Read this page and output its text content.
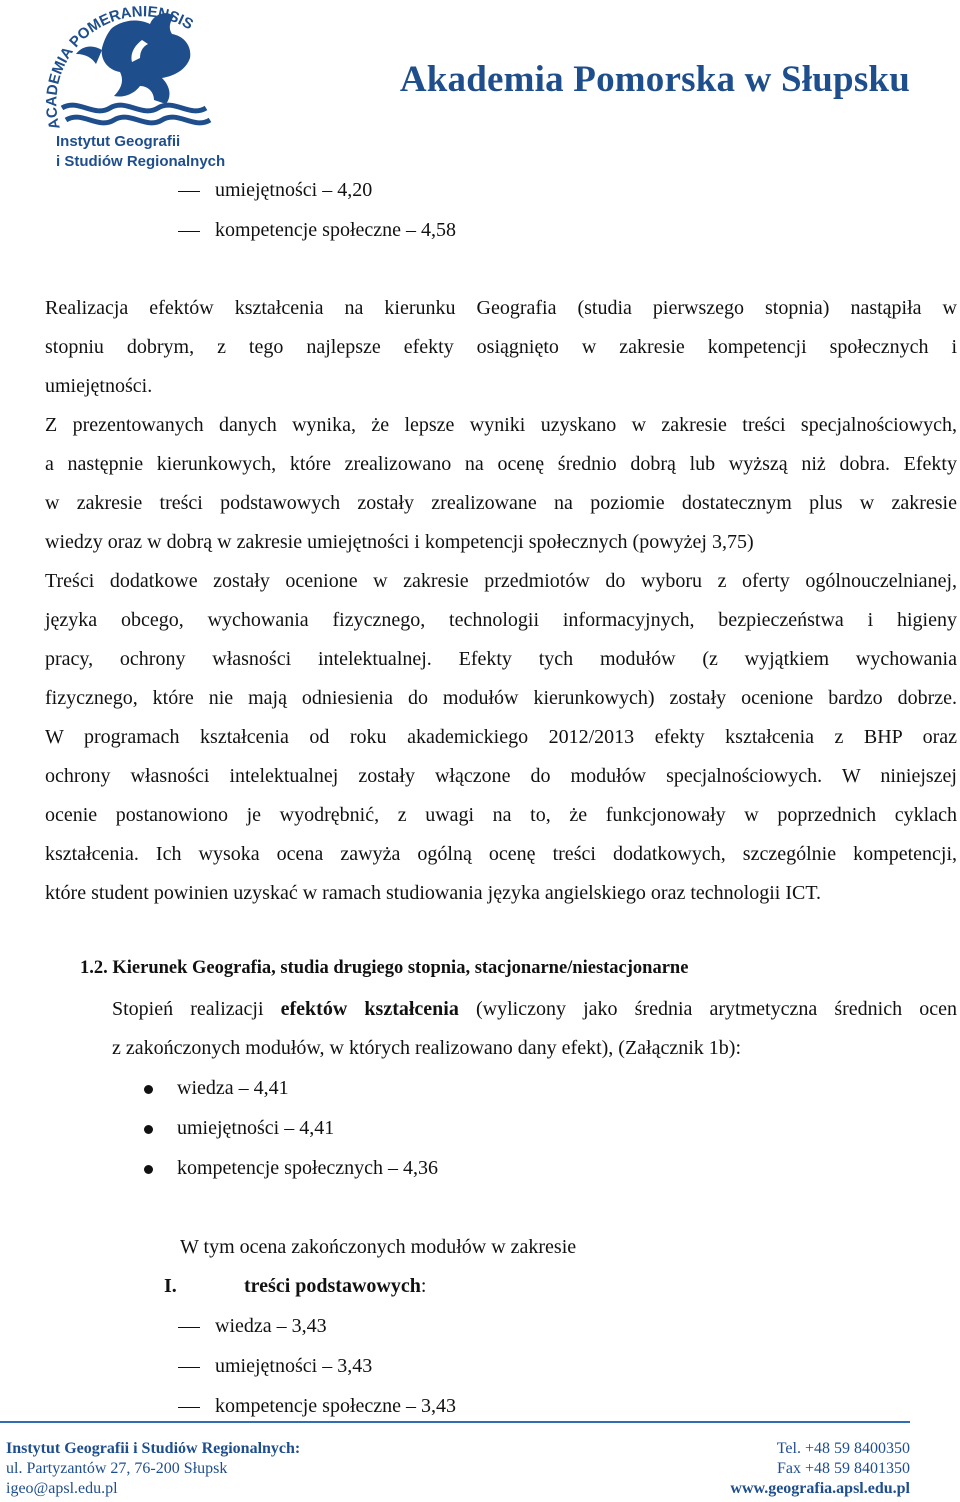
ACADEMIA POMERANIENSIS
Instytut Geografii
i Studiów Regionalnych
Akademia Pomorska w Słupsku
umiejętności – 4,20
kompetencje społeczne – 4,58
Realizacja efektów kształcenia na kierunku Geografia (studia pierwszego stopnia) nastąpiła w
stopniu dobrym, z tego najlepsze efekty osiągnięto w zakresie kompetencji społecznych i
umiejętności.
Z prezentowanych danych wynika, że lepsze wyniki uzyskano w zakresie treści specjalnościowych,
a następnie kierunkowych, które zrealizowano na ocenę średnio dobrą lub wyższą niż dobra. Efekty
w zakresie treści podstawowych zostały zrealizowane na poziomie dostatecznym plus w zakresie
wiedzy oraz w dobrą w zakresie umiejętności i kompetencji społecznych (powyżej 3,75)
Treści dodatkowe zostały ocenione w zakresie przedmiotów do wyboru z oferty ogólnouczelnianej,
języka obcego, wychowania fizycznego, technologii informacyjnych, bezpieczeństwa i higieny
pracy, ochrony własności intelektualnej. Efekty tych modułów (z wyjątkiem wychowania
fizycznego, które nie mają odniesienia do modułów kierunkowych) zostały ocenione bardzo dobrze.
W programach kształcenia od roku akademickiego 2012/2013 efekty kształcenia z BHP oraz
ochrony własności intelektualnej zostały włączone do modułów specjalnościowych. W niniejszej
ocenie postanowiono je wyodrębnić, z uwagi na to, że funkcjonowały w poprzednich cyklach
kształcenia. Ich wysoka ocena zawyża ogólną ocenę treści dodatkowych, szczególnie kompetencji,
które student powinien uzyskać w ramach studiowania języka angielskiego oraz technologii ICT.
1.2. Kierunek Geografia, studia drugiego stopnia, stacjonarne/niestacjonarne
Stopień realizacji efektów kształcenia (wyliczony jako średnia arytmetyczna średnich ocen
z zakończonych modułów, w których realizowano dany efekt), (Załącznik 1b):
wiedza – 4,41
umiejętności – 4,41
kompetencje społecznych – 4,36
W tym ocena zakończonych modułów w zakresie
I.	treści podstawowych:
wiedza – 3,43
umiejętności – 3,43
kompetencje społeczne – 3,43
Instytut Geografii i Studiów Regionalnych:	Tel. +48 59 8400350
ul. Partyzantów 27, 76-200 Słupsk	Fax +48 59 8401350
igeo@apsl.edu.pl	www.geografia.apsl.edu.pl
